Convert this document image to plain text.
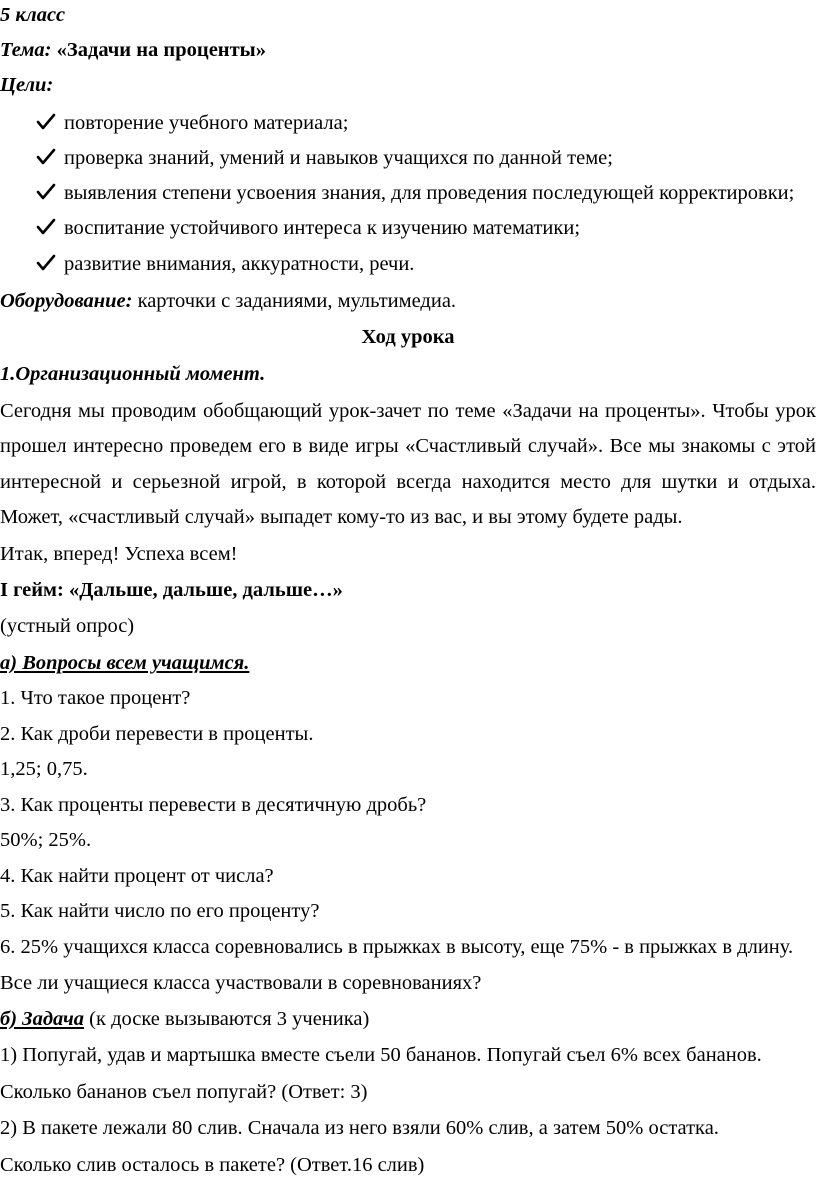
5 класс
Тема: «Задачи на проценты»
Цели:
повторение учебного материала;
проверка знаний, умений и навыков учащихся по данной теме;
выявления степени усвоения знания, для проведения последующей корректировки;
воспитание устойчивого интереса к изучению математики;
развитие внимания, аккуратности, речи.
Оборудование: карточки с заданиями, мультимедиа.
Ход урока
1.Организационный момент.
Сегодня мы проводим обобщающий урок-зачет по теме «Задачи на проценты». Чтобы урок
прошел интересно проведем его в виде игры «Счастливый случай». Все мы знакомы с этой
интересной и серьезной игрой, в которой всегда находится место для шутки и отдыха.
Может, «счастливый случай» выпадет кому-то из вас, и вы этому будете рады.
Итак, вперед! Успеха всем!
I гейм: «Дальше, дальше, дальше…»
(устный опрос)
а) Вопросы всем учащимся.
1. Что такое процент?
2. Как дроби перевести в проценты.
1,25; 0,75.
3. Как проценты перевести в десятичную дробь?
50%; 25%.
4. Как найти процент от числа?
5. Как найти число по его проценту?
6. 25% учащихся класса соревновались в прыжках в высоту, еще 75% - в прыжках в длину.
Все ли учащиеся класса участвовали в соревнованиях?
б) Задача (к доске вызываются 3 ученика)
1) Попугай, удав и мартышка вместе съели 50 бананов. Попугай съел 6% всех бананов.
Сколько бананов съел попугай? (Ответ: 3)
2) В пакете лежали 80 слив. Сначала из него взяли 60% слив, а затем 50% остатка.
Сколько слив осталось в пакете? (Ответ.16 слив)
